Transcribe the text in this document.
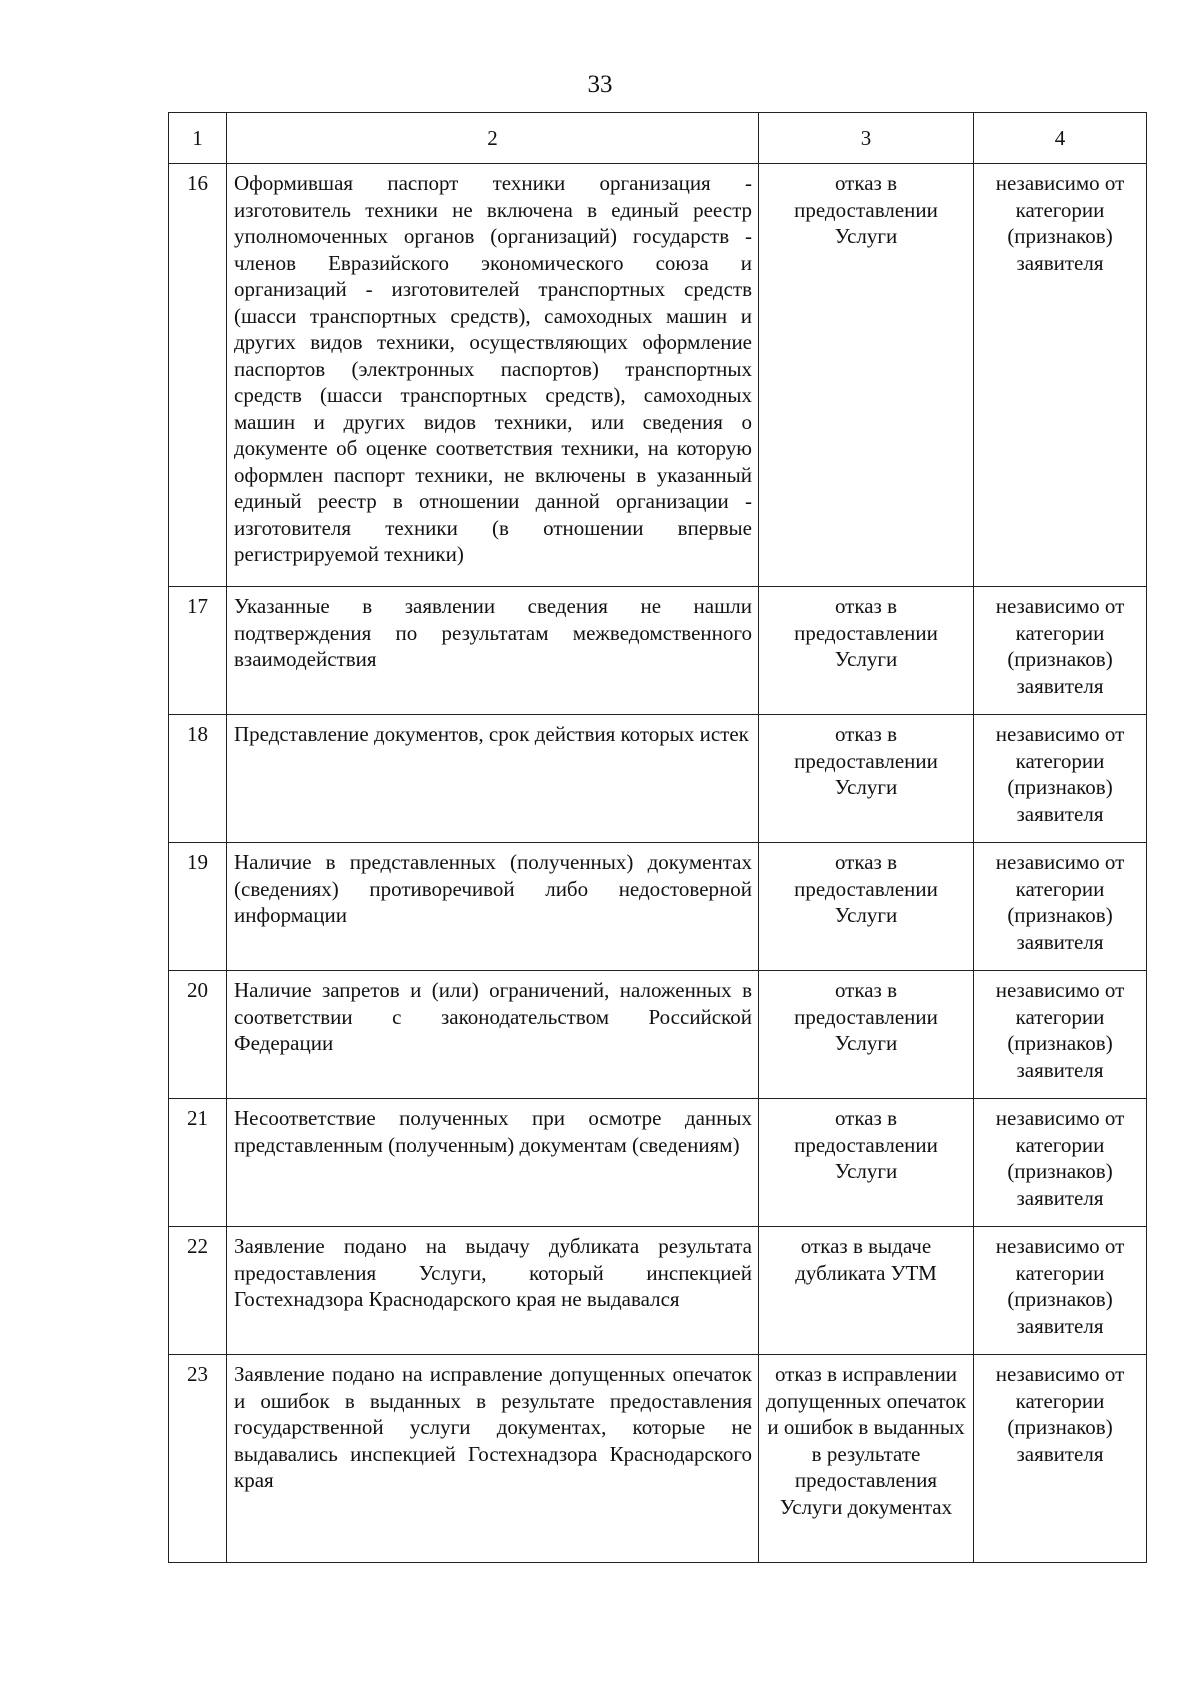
33
1	2	3	4
16	Оформившая паспорт техники организация - изготовитель техники не включена в единый реестр уполномоченных органов (организаций) государств - членов Евразийского экономического союза и организаций - изготовителей транспортных средств (шасси транспортных средств), самоходных машин и других видов техники, осуществляющих оформление паспортов (электронных паспортов) транспортных средств (шасси транспортных средств), самоходных машин и других видов техники, или сведения о документе об оценке соответствия техники, на которую оформлен паспорт техники, не включены в указанный единый реестр в отношении данной организации - изготовителя техники (в отношении впервые регистрируемой техники)	отказ в предоставлении Услуги	независимо от категории (признаков) заявителя
17	Указанные в заявлении сведения не нашли подтверждения по результатам межведомственного взаимодействия	отказ в предоставлении Услуги	независимо от категории (признаков) заявителя
18	Представление документов, срок действия которых истек	отказ в предоставлении Услуги	независимо от категории (признаков) заявителя
19	Наличие в представленных (полученных) документах (сведениях) противоречивой либо недостоверной информации	отказ в предоставлении Услуги	независимо от категории (признаков) заявителя
20	Наличие запретов и (или) ограничений, наложенных в соответствии с законодательством Российской Федерации	отказ в предоставлении Услуги	независимо от категории (признаков) заявителя
21	Несоответствие полученных при осмотре данных представленным (полученным) документам (сведениям)	отказ в предоставлении Услуги	независимо от категории (признаков) заявителя
22	Заявление подано на выдачу дубликата результата предоставления Услуги, который инспекцией Гостехнадзора Краснодарского края не выдавался	отказ в выдаче дубликата УТМ	независимо от категории (признаков) заявителя
23	Заявление подано на исправление допущенных опечаток и ошибок в выданных в результате предоставления государственной услуги документах, которые не выдавались инспекцией Гостехнадзора Краснодарского края	отказ в исправлении допущенных опечаток и ошибок в выданных в результате предоставления Услуги документах	независимо от категории (признаков) заявителя
